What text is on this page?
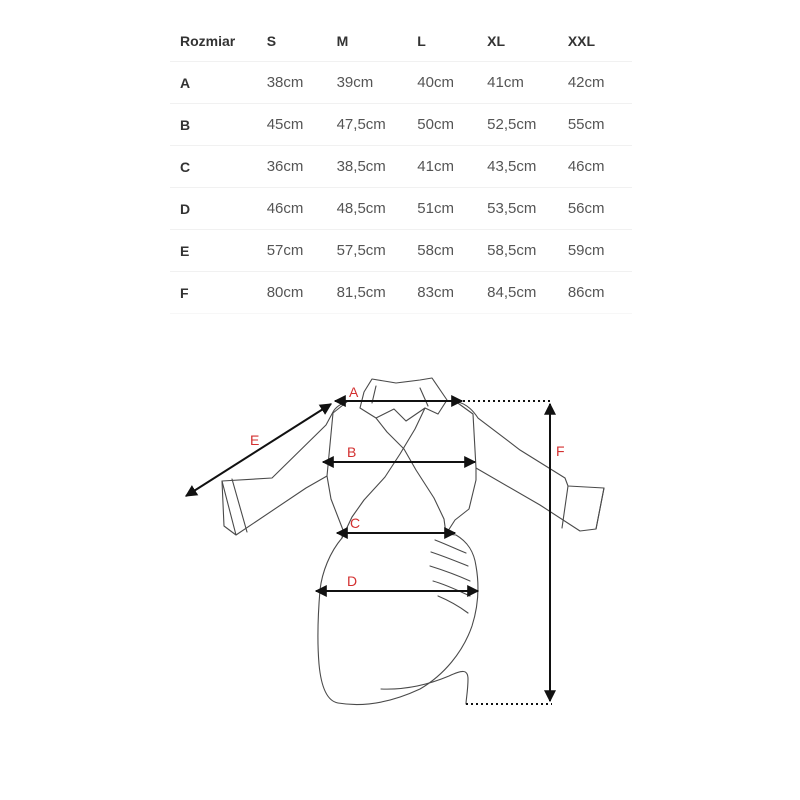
Rozmiar	S	M	L	XL	XXL
A	38cm	39cm	40cm	41cm	42cm
B	45cm	47,5cm	50cm	52,5cm	55cm
C	36cm	38,5cm	41cm	43,5cm	46cm
D	46cm	48,5cm	51cm	53,5cm	56cm
E	57cm	57,5cm	58cm	58,5cm	59cm
F	80cm	81,5cm	83cm	84,5cm	86cm
A
B
C
D
E
F
